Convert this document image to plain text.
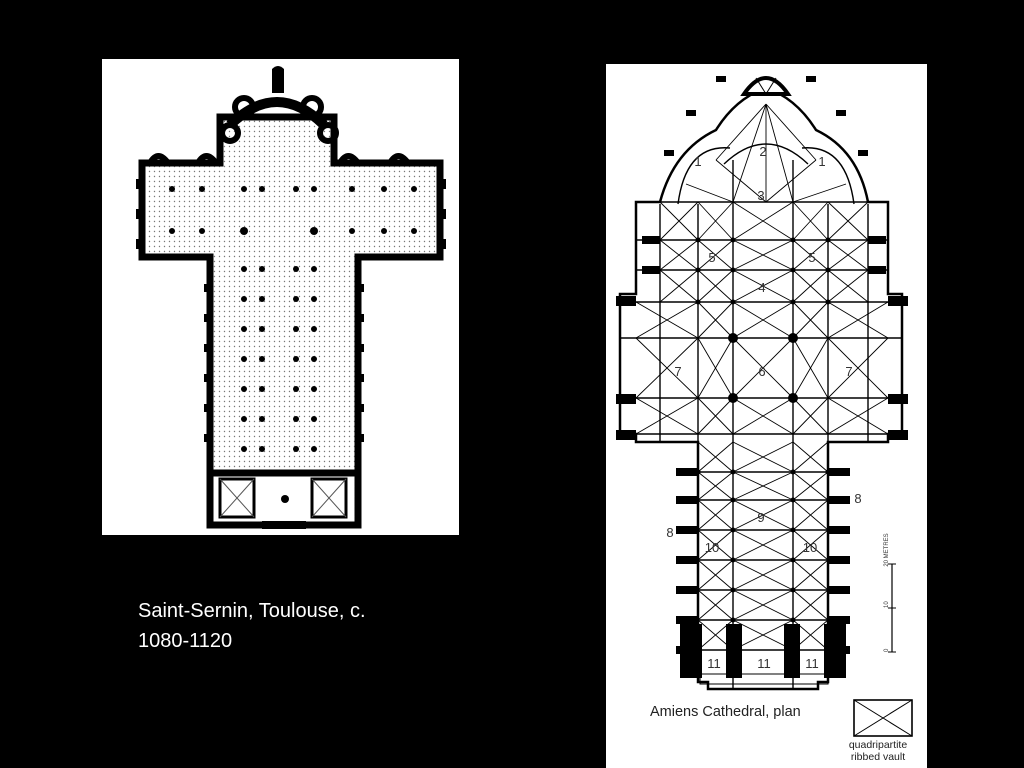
Saint-Sernin, Toulouse, c.
1080-1120
1
2
1
3
5	5
4
7	6	7
8
8
9
10	10
11	11	11
20 METRES
0
10
Amiens Cathedral, plan
quadripartite
ribbed vault
